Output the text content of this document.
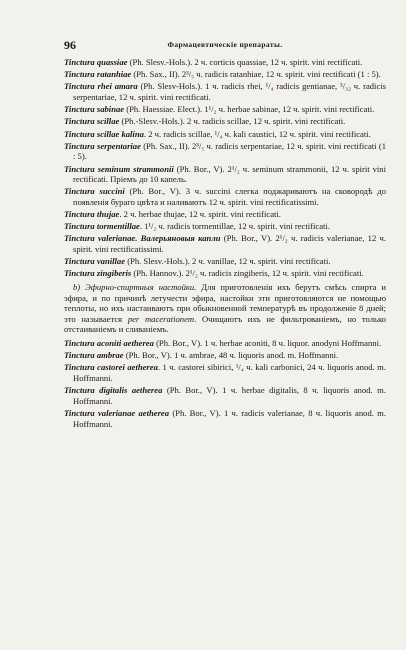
96	Фармацевтическіе препараты.

Tinctura quassiae (Ph. Slesv.-Hols.). 2 ч. corticis quassiae, 12 ч. spirit. vini rectificati.

Tinctura ratanhiae (Ph. Sax., II). 2³/₅ ч. radicis ratanhiae, 12 ч. spirit. vini rectificati (1 : 5).

Tinctura rhei amara (Ph. Slesv-Hols.). 1 ч. radicis rhei, ¹/₄ radicis gentianae, ³/₃₂ ч. radicis serpentariae, 12 ч. spirit. vini rectificati.

Tinctura sabinae (Ph. Haessiae. Elect.). 1¹/₂ ч. herbae sabinae, 12 ч. spirit. vini rectificati.

Tinctura scillae (Ph.-Slesv.-Hols.). 2 ч. radicis scillae, 12 ч. spirit. vini rectificati.

Tinctura scillae kalina. 2 ч. radicis scillae, ¹/₄ ч. kali caustici, 12 ч. spirit. vini rectificati.

Tinctura serpentariae (Ph. Sax., II). 2³/₅ ч. radicis serpentariae, 12 ч. spirit. vini rectificati (1 : 5).

Tinctura seminum strammonii (Ph. Bor., V). 2¹/₂ ч. seminum strammonii, 12 ч. spirit vini rectificati. Пріемъ до 10 капель.

Tinctura succini (Ph. Bor., V). 3 ч. succini слегка поджариваютъ на сковородѣ до появленія бураго цвѣта и наливаютъ 12 ч. spirit. vini rectificatissimi.

Tinctura thujae. 2 ч. herbae thujae, 12 ч. spirit. vini rectificati.

Tinctura tormentillae. 1¹/₂ ч. radicis tormentillae, 12 ч. spirit. vini rectificati.

Tinctura valerianae. Валерьяновыя капли (Ph. Bor., V). 2¹/₂ ч. radicis valerianae, 12 ч. spirit. vini rectificatissimi.

Tinctura vanillae (Ph. Slesv.-Hols.). 2 ч. vanillae, 12 ч. spirit. vini rectificati.

Tinctura zingiberis (Ph. Hannov.). 2¹/₂ ч. radicis zingiberis, 12 ч. spirit. vini rectificati.

b) Эфирно-спиртныя настойки. Для приготовленія ихъ берутъ смѣсь спирта и эфира, и по причинѣ летучести эфира, настойки эти приготовляются не помощью теплоты, но ихъ настаиваютъ при обыкновенной температурѣ въ продолженіе 8 дней; это называется per macerationem. Очищаютъ ихъ не фильтрованіемъ, но только отстаиваніемъ и сливаніемъ.

Tinctura aconiti aetherea (Ph. Bor., V). 1 ч. herbae aconiti, 8 ч. liquor. anodyni Hoffmanni.

Tinctura ambrae (Ph. Bor., V). 1 ч. ambrae, 48 ч. liquoris anod. m. Hoffmanni.

Tinctura castorei aetherea. 1 ч. castorei sibirici, ¹/₄ ч. kali carbonici, 24 ч. liquoris anod. m. Hoffmanni.

Tinctura digitalis aetherea (Ph. Bor., V). 1 ч. herbae digitalis, 8 ч. liquoris anod. m. Hoffmanni.

Tinctura valerianae aetherea (Ph. Bor., V). 1 ч. radicis valerianae, 8 ч. liquoris anod. m. Hoffmanni.
